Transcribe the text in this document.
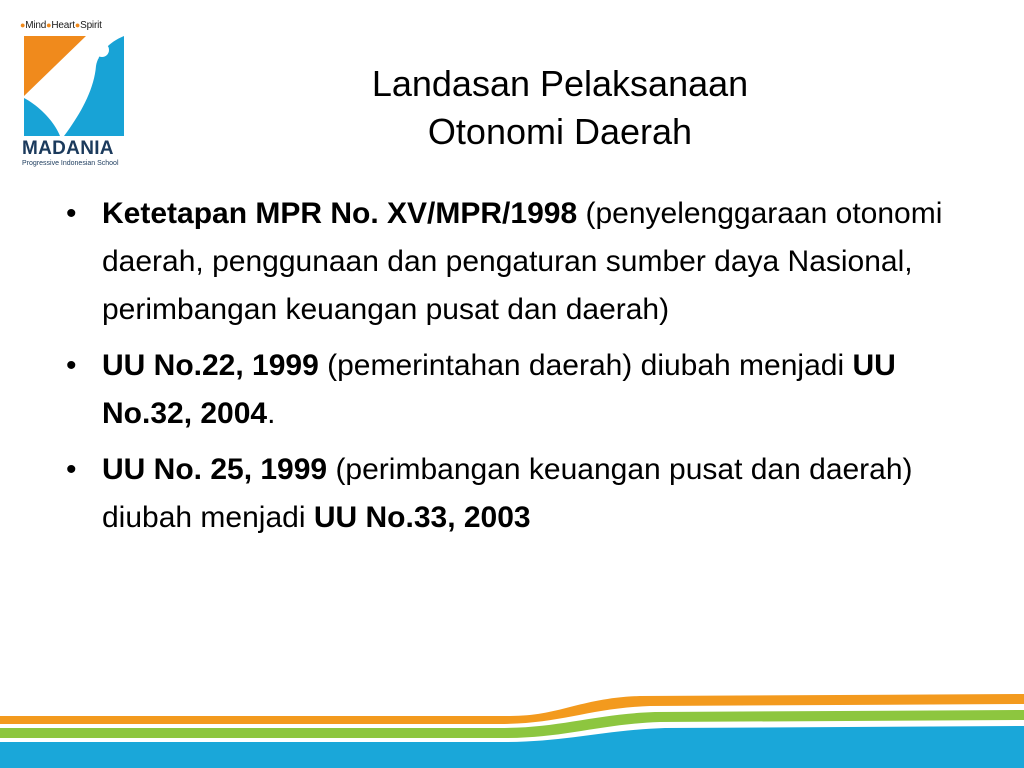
●Mind●Heart●Spirit
MADANIA
Progressive Indonesian School
Landasan Pelaksanaan
Otonomi Daerah
• Ketetapan MPR No. XV/MPR/1998 (penyelenggaraan otonomi daerah, penggunaan dan pengaturan sumber daya Nasional, perimbangan keuangan pusat dan daerah)
• UU No.22, 1999 (pemerintahan daerah) diubah menjadi UU No.32, 2004.
• UU No. 25, 1999 (perimbangan keuangan pusat dan daerah) diubah menjadi UU No.33, 2003
